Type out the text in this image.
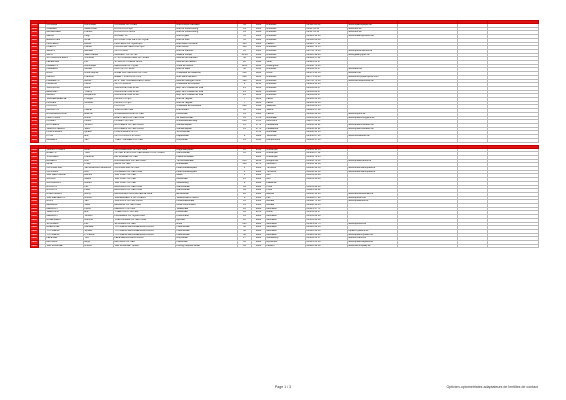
1000		CAYELLE	Dominique	CAYELLE OPTICIEN	Rue Antoine Dansaert	39	1000	Bruxelles	02/511 10 00	www.ispadroptique.be			
1000		CREMER	Marie-Rose	DUOPOCUS sprl	Rue du Luxembourg	14	1000	Bruxelles	02/51 41 50	www.duo.be			
1000		DE BEUMER	Francis	DUOPOCUS SPRL	Rue du Luxembourg	14	1000	Bruxelles	02/51 41 50	www.duo.be			
1000		MEOLI	Luigi	BOGART sc	Rue Royale	55	1000	Bruxelles	02/219 10 00	www.bodartopticiens.be			
1000		EMBUCHES	Ismat	AU COMPTOIR DE L'OPTIQUE	Rue du Midi	31	1000	Bruxelles	02/502 06 89				
1000		PESTIERS	Benoit	PESTIERS OPTIQUE sprl	Rue Marie Christine	114	1020	Laeken	02/425 77 11				
1000		PRECHT	Patrick	PLANCHER NEUHOFF sprl	Rue Neuve	130	1000	Bruxelles	02/218 72 55				
1000		SENOS	Bernard	OPTIC 2000	Rue de Flandre	16	1000	Bruxelles	02/734 79 00	www.opticiensenos.be			
1000		MAST	Jean-Claude	GALLERY OPTIC SA	Galerie Louise	15-19	1050	Bruxelles	02/512 99 86	www.galleryoptic.be			
1000		WYCKMANSHEIRS	Christine	C. WYCKMANS MEL OPTICIEN	Avenue du Diamant	56	1030	Bruxelles	02/495 57 82				
1000		LEFEBVRE	Luc	SYLVA OPTICIENS SPRL	Avenue de Laeken	20	1090	Jette	02/425 26 27				
1000		HERBEYS	Dominique	MERCURE OPTIQUE	Chee de Wavre	1265	1160	Auderghem	02/660 76 80				
1180		LAMBEAU	Gerard	KLIC OPTIC SPRL	Rue du Bailli	50	1050	Bruxelles	02/444 35 67	www.aotil.be			
1180		RIGO	Anne-Sophie	ANNE SOPHIE RIGO OPTICA	Chaussee de Waterloo	650	1180	Uccle	02/374 44 56	www.ars.be			
1180		FALLAY	Francois	EMERY VISION OPTICS	Rue Saint Lambert	209	1200	Bruxelles	02/771 53 00	www.emeryvisionoptics.com			
1200		LAMBERTS	Benoit	ETS. VAN HULLEBROECK SPRL	Avenue Georges Henri	586	1200	Bruxelles	02/733 75 00	www.vanhullebroeck.be			
1200		PENNINX	Herve	OPTIC NADOU	Chaussee de Louvain	9	1210	Bruxelles	02/219 58 63				
1200		JACKSONS	Rene	CLAIRVUE VUE SPRL	Esp. de L'Oiseau de Villa	21	1200	Bruxelles	02/343 88 07				
1200		BEAUMET	Thierry	CLAIRVUE VUE SPRL	Esp. de L'Oiseau de Villa	21	1200	Bruxelles	02/343 88 07				
1200		DECRU	Benjamine	CLAIRVUE VUE SPRL	Esp. de L'Oiseau de Villa	21	1200	Bruxelles	02/343 88 07				
1200		VANDERMEERSE	Philippe	LAVIOPTIC sprl	Rue de l'Eglise	7	1200	Lasne	02/633 36 66				
1200		FLORES	Murielle	LAVIOPTIC sprl	Rue de l'Eglise	7	1200	Lasne	02/633 36 66				
1200		HUSTON		HUSTON	Chaussee de Bruxelles	248	1410	Waterloo	02/354 65 65				
1300		DE BRUYN	Pascal	VISION CENTRE	Rue Bodart	35	1300	Wavre	010/24 37 60				
1300		BOURDEAUVILLE	Etienne	BOURDEAUVILLE OPTIEK	Kerkstraat	14	1600	Leeuw	02/360 38 00	www.bopoint.be			
1700		HERYTIERS	Bruno	BREYTJENS OPTIEK bvba	de Wahrentraat	14	1760	Roosdaal	054/33 20 00	www.optiek-breytjens.be			
1700		LOUBET	Lubert	LOUBET OPTIEK	Brusselsesteenweg	814	1785	Merchtem	052/37 23 41				
1700		BOSTEELS	Vincent	BOSTEELS OPTIEK BVBA	Cantarinaplein	13	1770	Liedekerke	053/66 46 91	www.optiek-bosteels.be			
1700		VERCAUTEREN	Sara	BOSTEELS OPTIEK BVBA	Cantarinaplein	13	1770	Liedekerke	053/66 46 91	www.optiek-bosteels.be			
1700		PRINSHAVEN	Ignace	PRINSHAVEN OPTIC	Schoolstraat		1760	Roosdaal	02/460 46 55				
1700		FYON	Eric	OPTIC FOCUS STUDIO	Kapelstraat	9	1800	Vilvoorde	02/252 27 60	www.focusstudio.be			
1800		DEWERS	Jan	THEO - DEWERS OPTIEK	Dorpstraat	21	1910	Kampenhout	016/65 47 59				

2000		VERSCHYNDEN	Mine	DE DAGERAAD OPTIEK bvba	Dageraadplaats	12	2018	Antwerpen	03/235 10 35				
2000		BOEDTS	Yves	OPTIEK EYE'S OOPTIEK/BOEDTS OPTICIEN	Carnotstraat	11	2060	Antwerpen	03/232 87 52				
2000		VOLKAERT	Francine	DE SPIEGEL OPTIEK	Paleis Bevelaan		2000	Antwerpen	03/231 79 65				
2100		BROEDS	Ann	ANN BRANDS OPTIEK bvba	Turnhoutsebaan	254	2140	Borgerhout	03/236 70 00	www.optiekbrands.be			
2150		MISE	Philip	MASS OPTIEK	Bredabaan	363	2170	Merksem	03/645 12 18				
2300		OOSTERHAM	Jan Willemus Franciscus	OOSTERHAM OPTIEK	Lode Roelandtplein	4	2300	Turnhout	014/42 58 56	www.oosterhamoptiek.be			
2300		OOSTERS	Dirk	COSSEMS OPTIEK bvba	Lode Roelandtplein	4	2300	Turnhout	014/42 58 56	www.oosterhamoptiek.be			
2400		VAN DER LANDE	Remco	VAN OORT OPTIEK	Markt	3	2400	Mol	014/31 31 88				
2400		GOORS	Marco	VAN OORT OPTIEK	Kerkstraat	25	2400	Mol	014/31 31 88				
2400		GOODMANS	Robert	VAN OORT OPTIEK	Geelseweg	8	2460	Kasterlee					
2400		ROODTS	Luc	RECORDS OPTIEK bvba	Carnotstraat	99	2060	Hove	014/31 42 68				
2400		ROODTS	Peter	RECORDS OPTIEK bvba	Carnotstraat	99	2460	Hove	014/21 42 62				
2400		BOECKMANS	Remy	DE BRILLEN VAN DE LENSE bvba	Eindestraat	26	2460	Beerse	014/62 13 64	www.debrillenwinkel.be			
2400		VAN MELAERTS	Annick	VANMELAERTS OPTICIENS	VERBROEKSTRAAT	8	2500	Lier	03/480 07 99	www.opticien.be			
2500		BOLS	Jan	JAN BOLS OPTIEK BVBA	Lindenlaanstraat	13	2500	Berlaar	03/488 75 68	www.optiekbols.be			
2500		BELLENS	Josef	BELLENS OPTIEK bvba	Grote Koornmarkt	14	2500	Berlaar	03/482 13 44				
2800		MERLAUT	Pierre	MERLAUT OPTIEK	Villasstraat	10	2800	Mechelen	015/21 37 71				
2800		VERHULST	Eric	T.VERHULST OPTIEK	Kerkstraat	81	2870	Duffel	015/31 35 37				
2800		MERLAUT	Vincent	FLANDERS OPTIQUE bvba	Korenmarkt	14	2800	Mechelen	015/41 26 68				
2800		AUDENAERT	Dominic	VUE/HONDER OPTIEK bvba	Bijlhoek	12	2800	Mechelen	015/41 26 68				
2800		SPOORES	Luc	SPOORES OPTIEK	Bruul	213	2800	Mechelen	015/21 08 75	www.spoores.be			
2800		BREUGHEL	Nathalie	THYSSENS BRUGGELMANS BVBA	Havenstraat	46	2800	Mechelen	015/20 66 49				
2800		THYSSENS	Sylvain	THYSSENS BRUGGELMANS BVBA	Havenstraat	46	2800	Mechelen	015/20 66 49	optiek-thyssens.be			
2800		THYSSENS	L. Patrick	THYSSENS BRUGGELMANS BVBA	Havenstraat	46	2800	Mechelen	015/20 66 49	www.optiek-thyssen.be			
2800		LEFEVER	Tom	LEFEVER/FRIXENS BVBA	Dorpstraat	17	2980	Nieuwkoop	03/469 31 57	lefeverfrixens.be			
2800		DE PAUW	Birgit	DE PAUW OPTIEK	Parkstraat	35	2800	Rijmenam	015/21 61 49	www.optiek-depauw.be			
2800		VAN ROMPAEY	Annick	VAN ROMPAEY optiek	Koning Leopold straat	34	3000	Leuven	016/22 48 60	www.vanrompaey.be			
Page 1 / 3	Opticien-optometristes adaptateurs de lentilles de contact
